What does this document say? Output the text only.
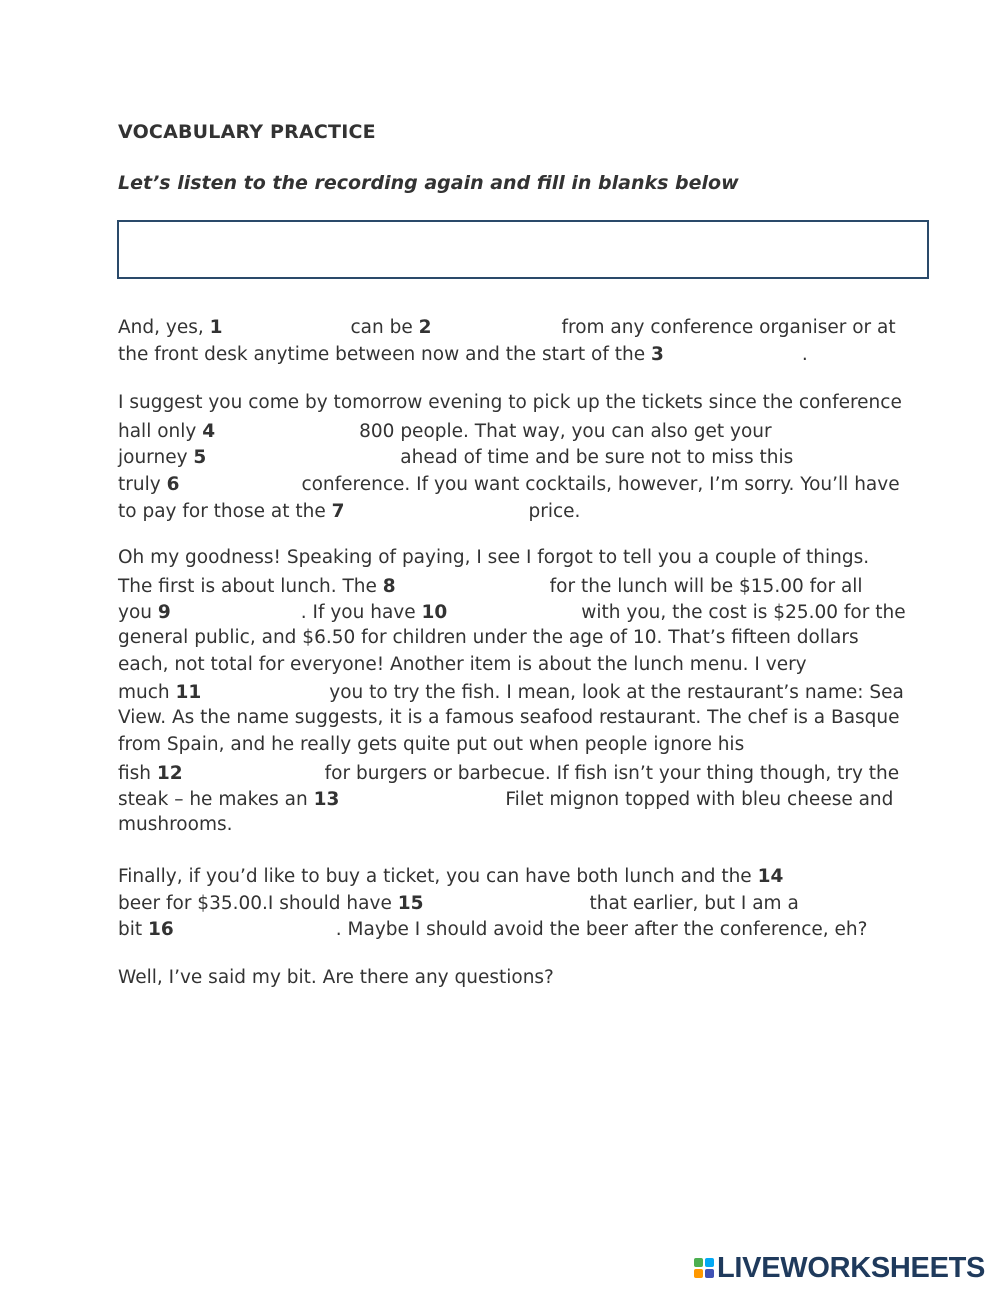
VOCABULARY PRACTICE
Let’s listen to the recording again and fill in blanks below
And, yes, 1	can be 2	from any conference organiser or at
the front desk anytime between now and the start of the 3	.
I suggest you come by tomorrow evening to pick up the tickets since the conference
hall only 4	800 people. That way, you can also get your
journey 5	ahead of time and be sure not to miss this
truly 6	conference. If you want cocktails, however, I’m sorry. You’ll have
to pay for those at the 7	price.
Oh my goodness! Speaking of paying, I see I forgot to tell you a couple of things.
The first is about lunch. The 8	for the lunch will be $15.00 for all
you 9	. If you have 10	with you, the cost is $25.00 for the
general public, and $6.50 for children under the age of 10. That’s fifteen dollars
each, not total for everyone! Another item is about the lunch menu. I very
much 11	you to try the fish. I mean, look at the restaurant’s name: Sea
View. As the name suggests, it is a famous seafood restaurant. The chef is a Basque
from Spain, and he really gets quite put out when people ignore his
fish 12	for burgers or barbecue. If fish isn’t your thing though, try the
steak – he makes an 13	Filet mignon topped with bleu cheese and
mushrooms.
Finally, if you’d like to buy a ticket, you can have both lunch and the 14
beer for $35.00.I should have 15	that earlier, but I am a
bit 16	. Maybe I should avoid the beer after the conference, eh?
Well, I’ve said my bit. Are there any questions?
LIVEWORKSHEETS
